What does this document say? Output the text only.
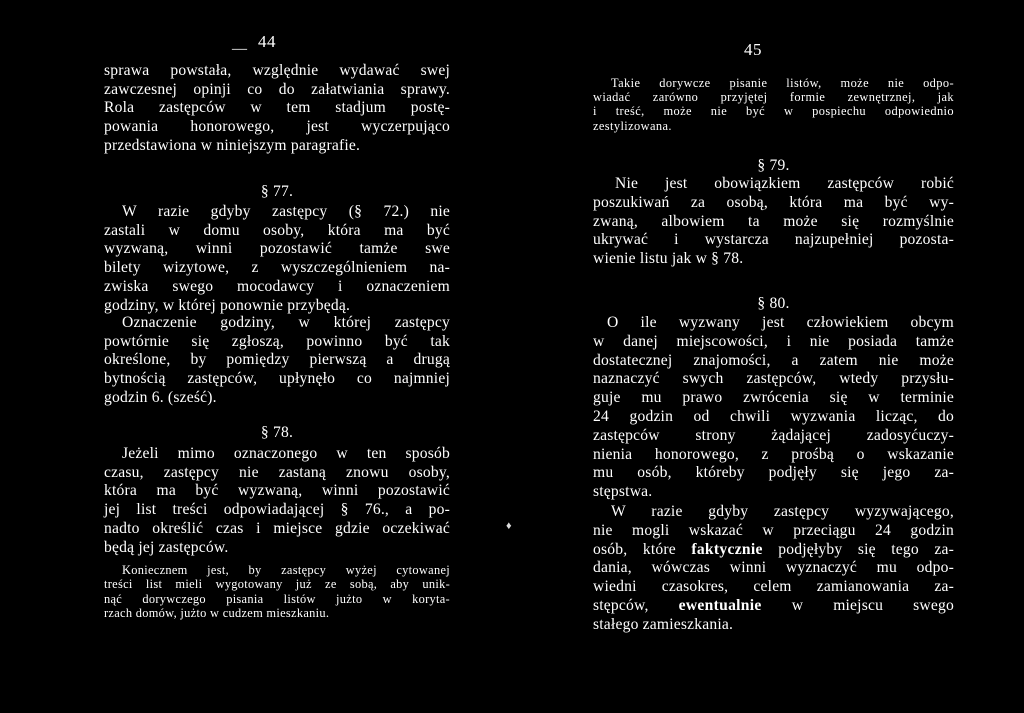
— 44
sprawa powstała, względnie wydawać swej
zawczesnej opinji co do załatwiania sprawy.
Rola zastępców w tem stadjum postę-
powania honorowego, jest wyczerpująco
przedstawiona w niniejszym paragrafie.
§ 77.
W razie gdyby zastępcy (§ 72.) nie
zastali w domu osoby, która ma być
wyzwaną, winni pozostawić tamże swe
bilety wizytowe, z wyszczególnieniem na-
zwiska swego mocodawcy i oznaczeniem
godziny, w której ponownie przybędą.
Oznaczenie godziny, w której zastępcy
powtórnie się zgłoszą, powinno być tak
określone, by pomiędzy pierwszą a drugą
bytnością zastępców, upłynęło co najmniej
godzin 6. (sześć).
§ 78.
Jeżeli mimo oznaczonego w ten sposób
czasu, zastępcy nie zastaną znowu osoby,
która ma być wyzwaną, winni pozostawić
jej list treści odpowiadającej § 76., a po-
nadto określić czas i miejsce gdzie oczekiwać
będą jej zastępców.
Koniecznem jest, by zastępcy wyżej cytowanej
treści list mieli wygotowany już ze sobą, aby unik-
nąć dorywczego pisania listów jużto w koryta-
rzach domów, jużto w cudzem mieszkaniu.
45
Takie dorywcze pisanie listów, może nie odpo-
wiadać zarówno przyjętej formie zewnętrznej, jak
i treść, może nie być w pospiechu odpowiednio
zestylizowana.
§ 79.
Nie jest obowiązkiem zastępców robić
poszukiwań za osobą, która ma być wy-
zwaną, albowiem ta może się rozmyślnie
ukrywać i wystarcza najzupełniej pozosta-
wienie listu jak w § 78.
§ 80.
O ile wyzwany jest człowiekiem obcym
w danej miejscowości, i nie posiada tamże
dostatecznej znajomości, a zatem nie może
naznaczyć swych zastępców, wtedy przysłu-
guje mu prawo zwrócenia się w terminie
24 godzin od chwili wyzwania licząc, do
zastępców strony żądającej zadosyćuczy-
nienia honorowego, z prośbą o wskazanie
mu osób, któreby podjęły się jego za-
stępstwa.
W razie gdyby zastępcy wyzywającego,
nie mogli wskazać w przeciągu 24 godzin
osób, które faktycznie podjęłyby się tego za-
dania, wówczas winni wyznaczyć mu odpo-
wiedni czasokres, celem zamianowania za-
stępców, ewentualnie w miejscu swego
stałego zamieszkania.
♦
